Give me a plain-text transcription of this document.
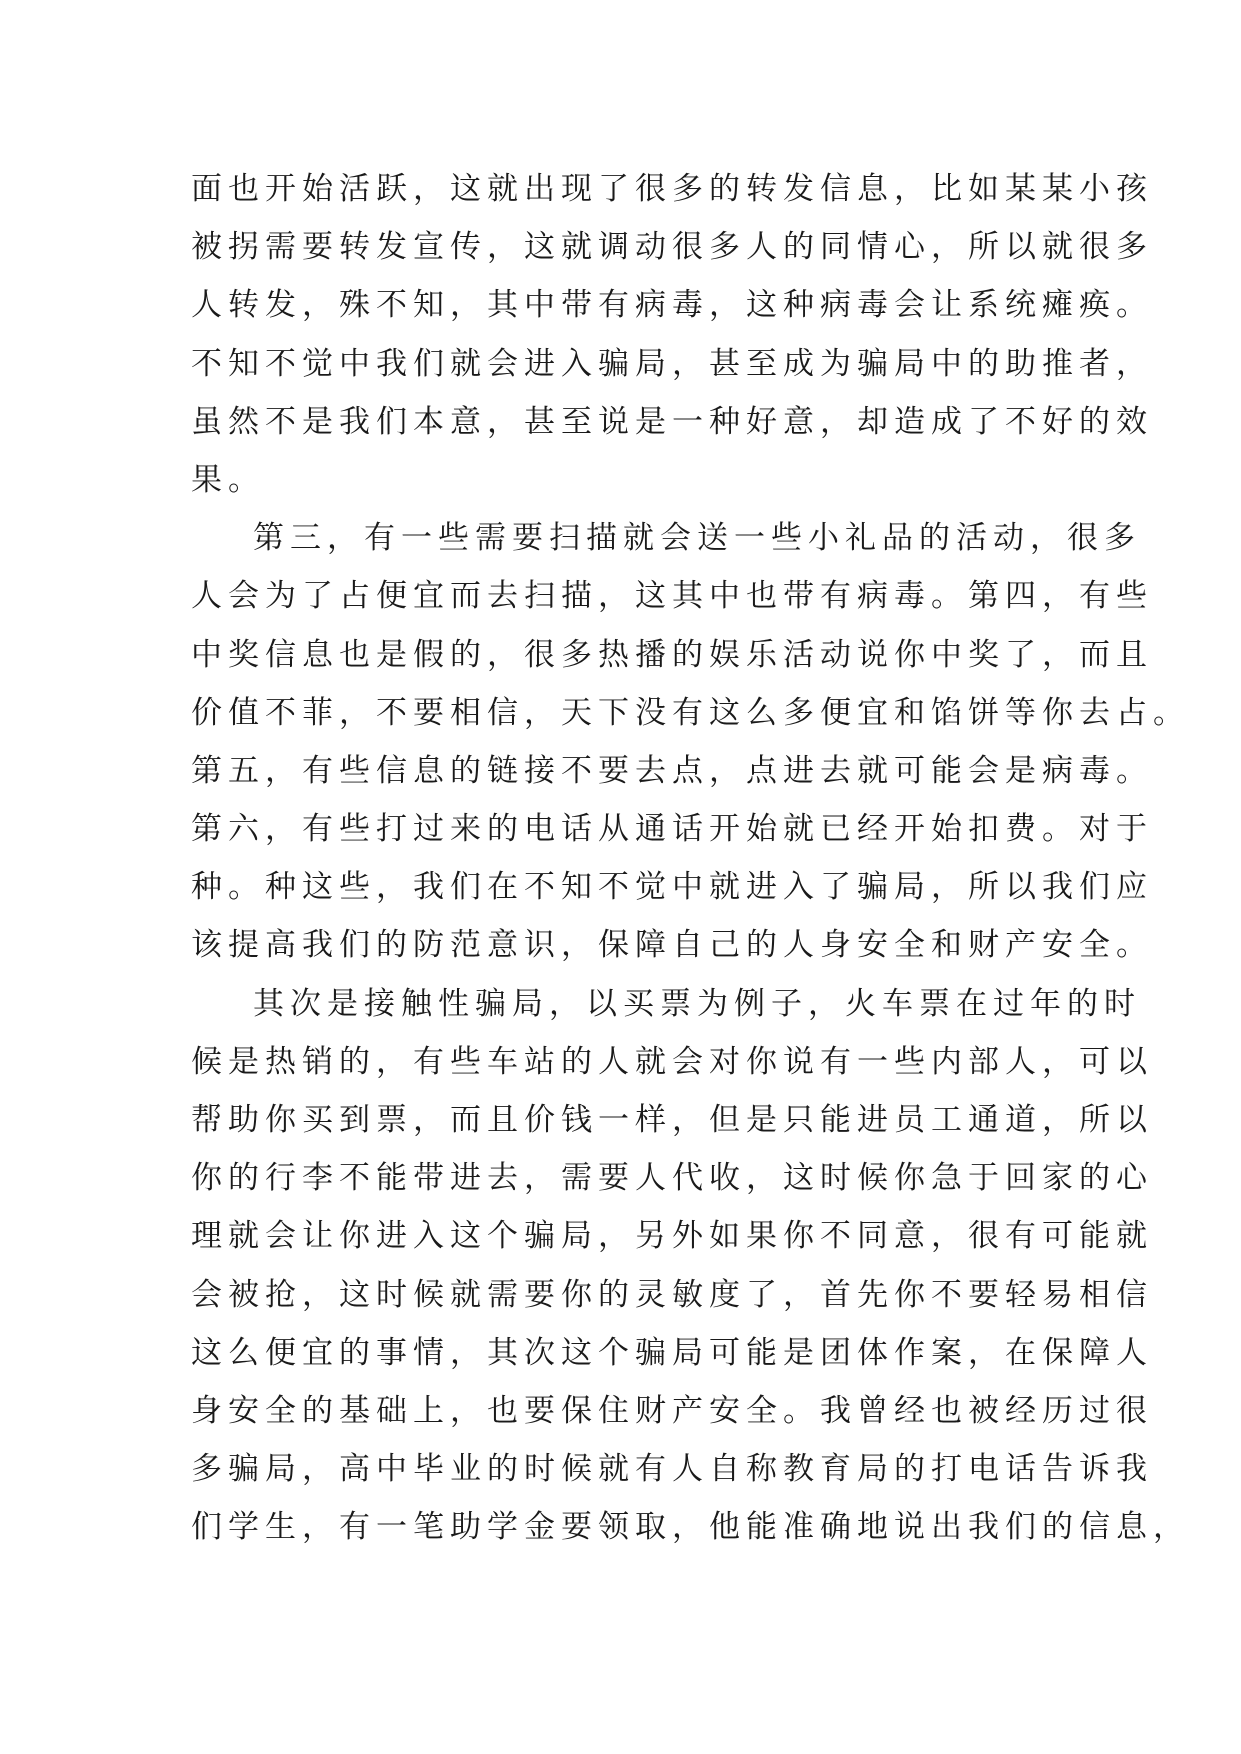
面也开始活跃，这就出现了很多的转发信息，比如某某小孩
被拐需要转发宣传，这就调动很多人的同情心，所以就很多
人转发，殊不知，其中带有病毒，这种病毒会让系统瘫痪。
不知不觉中我们就会进入骗局，甚至成为骗局中的助推者，
虽然不是我们本意，甚至说是一种好意，却造成了不好的效
果。
第三，有一些需要扫描就会送一些小礼品的活动，很多
人会为了占便宜而去扫描，这其中也带有病毒。第四，有些
中奖信息也是假的，很多热播的娱乐活动说你中奖了，而且
价值不菲，不要相信，天下没有这么多便宜和馅饼等你去占。
第五，有些信息的链接不要去点，点进去就可能会是病毒。
第六，有些打过来的电话从通话开始就已经开始扣费。对于
种。种这些，我们在不知不觉中就进入了骗局，所以我们应
该提高我们的防范意识，保障自己的人身安全和财产安全。
其次是接触性骗局，以买票为例子，火车票在过年的时
候是热销的，有些车站的人就会对你说有一些内部人，可以
帮助你买到票，而且价钱一样，但是只能进员工通道，所以
你的行李不能带进去，需要人代收，这时候你急于回家的心
理就会让你进入这个骗局，另外如果你不同意，很有可能就
会被抢，这时候就需要你的灵敏度了，首先你不要轻易相信
这么便宜的事情，其次这个骗局可能是团体作案，在保障人
身安全的基础上，也要保住财产安全。我曾经也被经历过很
多骗局，高中毕业的时候就有人自称教育局的打电话告诉我
们学生，有一笔助学金要领取，他能准确地说出我们的信息，
